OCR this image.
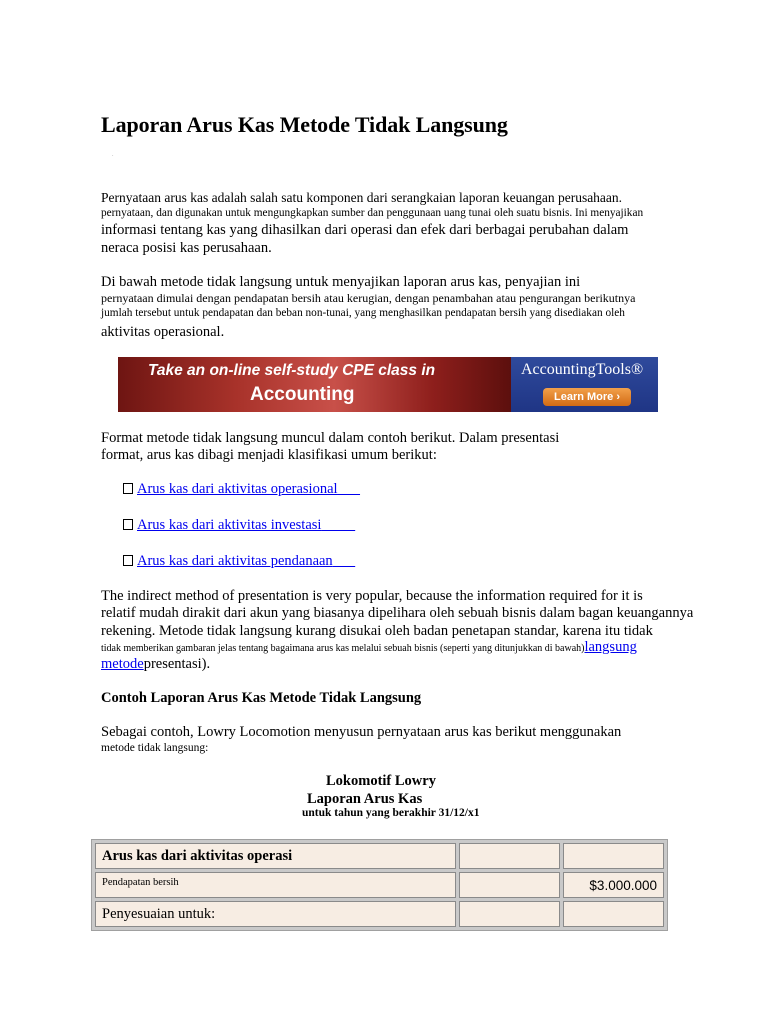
Laporan Arus Kas Metode Tidak Langsung
.

Pernyataan arus kas adalah salah satu komponen dari serangkaian laporan keuangan perusahaan.

pernyataan, dan digunakan untuk mengungkapkan sumber dan penggunaan uang tunai oleh suatu bisnis. Ini menyajikan

informasi tentang kas yang dihasilkan dari operasi dan efek dari berbagai perubahan dalam

neraca posisi kas perusahaan.

Di bawah metode tidak langsung untuk menyajikan laporan arus kas, penyajian ini

pernyataan dimulai dengan pendapatan bersih atau kerugian, dengan penambahan atau pengurangan berikutnya

jumlah tersebut untuk pendapatan dan beban non-tunai, yang menghasilkan pendapatan bersih yang disediakan oleh

aktivitas operasional.

Take an on-line self-study CPE class in
Accounting
AccountingTools®
Learn More ›

Format metode tidak langsung muncul dalam contoh berikut. Dalam presentasi

format, arus kas dibagi menjadi klasifikasi umum berikut:

Arus kas dari aktivitas operasional
Arus kas dari aktivitas investasi
Arus kas dari aktivitas pendanaan

The indirect method of presentation is very popular, because the information required for it is

relatif mudah dirakit dari akun yang biasanya dipelihara oleh sebuah bisnis dalam bagan keuangannya

rekening. Metode tidak langsung kurang disukai oleh badan penetapan standar, karena itu tidak

tidak memberikan gambaran jelas tentang bagaimana arus kas melalui sebuah bisnis (seperti yang ditunjukkan di bawah)langsung

metodepresentasi).

Contoh Laporan Arus Kas Metode Tidak Langsung

Sebagai contoh, Lowry Locomotion menyusun pernyataan arus kas berikut menggunakan

metode tidak langsung:

Lokomotif Lowry
Laporan Arus Kas
untuk tahun yang berakhir 31/12/x1
Arus kas dari aktivitas operasi		
Pendapatan bersih		$3.000.000
Penyesuaian untuk:		
